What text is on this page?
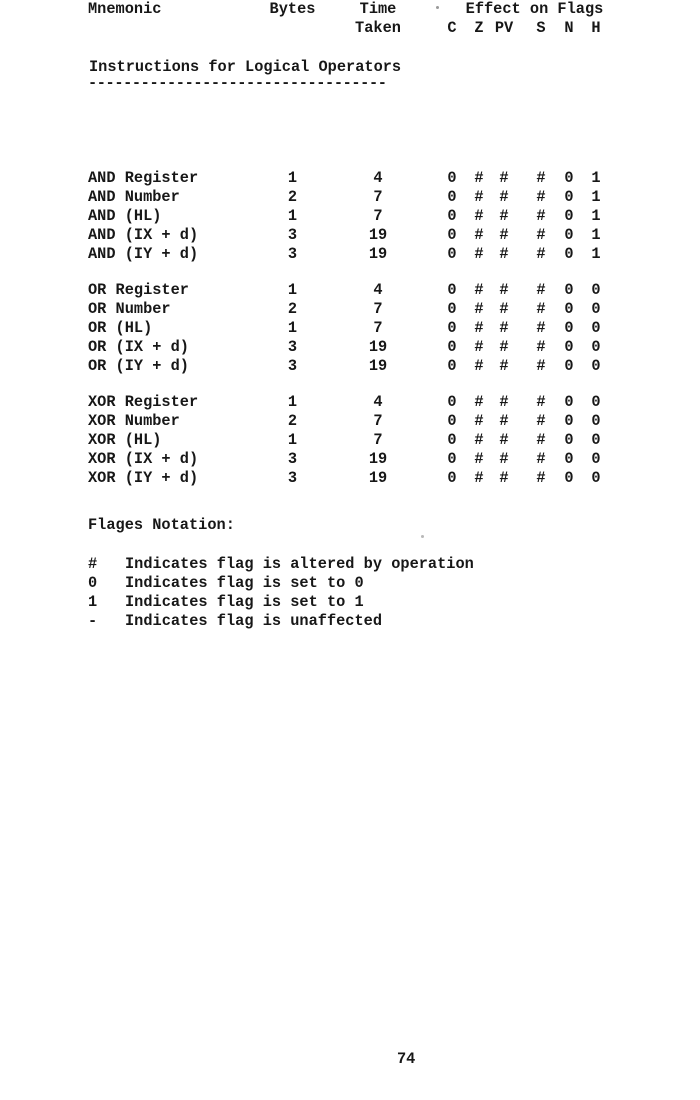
Instructions for Logical Operators
----------------------------------
Mnemonic	Bytes	Time	Effect on Flags
Taken	C	Z PV	S	N	H
AND Register	1	4	0	#	#	#	0	1
AND Number	2	7	0	#	#	#	0	1
AND (HL)	1	7	0	#	#	#	0	1
AND (IX + d)	3	19	0	#	#	#	0	1
AND (IY + d)	3	19	0	#	#	#	0	1
OR Register	1	4	0	#	#	#	0	0
OR Number	2	7	0	#	#	#	0	0
OR (HL)	1	7	0	#	#	#	0	0
OR (IX + d)	3	19	0	#	#	#	0	0
OR (IY + d)	3	19	0	#	#	#	0	0
XOR Register	1	4	0	#	#	#	0	0
XOR Number	2	7	0	#	#	#	0	0
XOR (HL)	1	7	0	#	#	#	0	0
XOR (IX + d)	3	19	0	#	#	#	0	0
XOR (IY + d)	3	19	0	#	#	#	0	0
Flages Notation:
# Indicates flag is altered by operation
0 Indicates flag is set to 0
1 Indicates flag is set to 1
- Indicates flag is unaffected
74
